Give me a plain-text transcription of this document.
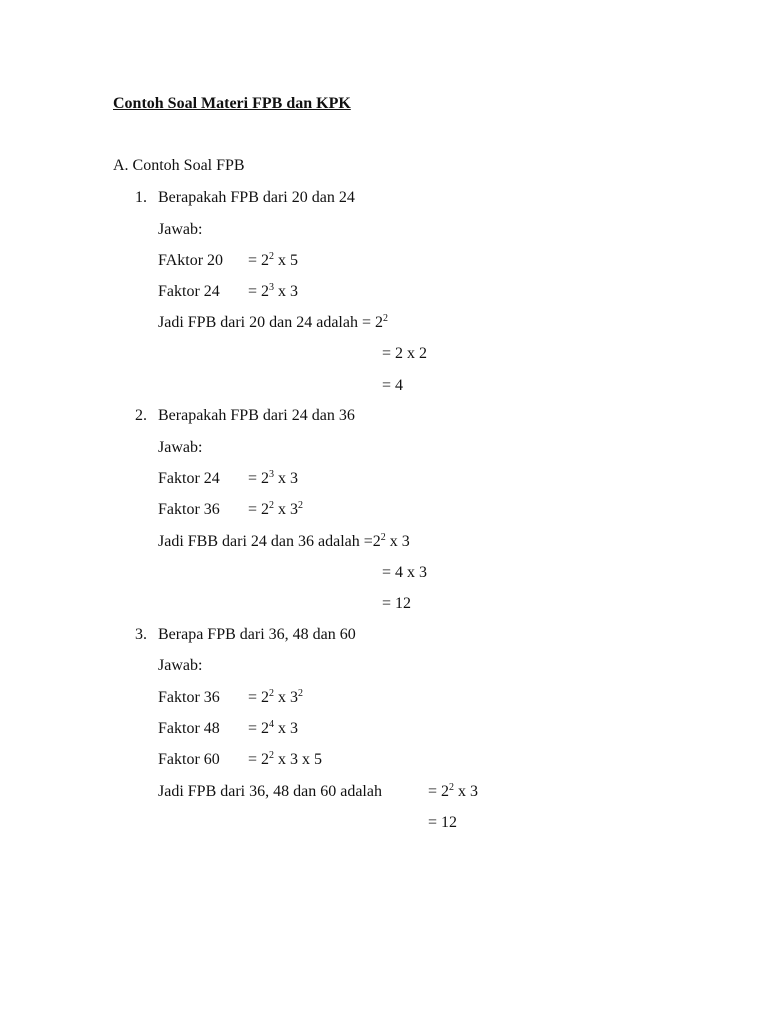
Contoh Soal Materi FPB dan KPK
A. Contoh Soal FPB
1. Berapakah FPB dari 20 dan 24
Jawab:
FAktor $20 = 2^2$ x 5
Faktor $24 = 2^3$ x 3
Jadi FPB dari 20 dan 24 adalah = $2^2$
= 2 x 2
= 4
2. Berapakah FPB dari 24 dan 36
Jawab:
Faktor $24 = 2^3$ x 3
Faktor $36 = 2^2$ x $3^2$
Jadi FBB dari 24 dan 36 adalah $=2^2$ x 3
= 4 x 3
= 12
3. Berapa FPB dari 36, 48 dan 60
Jawab:
Faktor $36 = 2^2$ x $3^2$
Faktor $48 = 2^4$ x 3
Faktor $60 = 2^2$ x 3 x 5
Jadi FPB dari 36, 48 dan 60 adalah	= $2^2$ x 3
= 12
